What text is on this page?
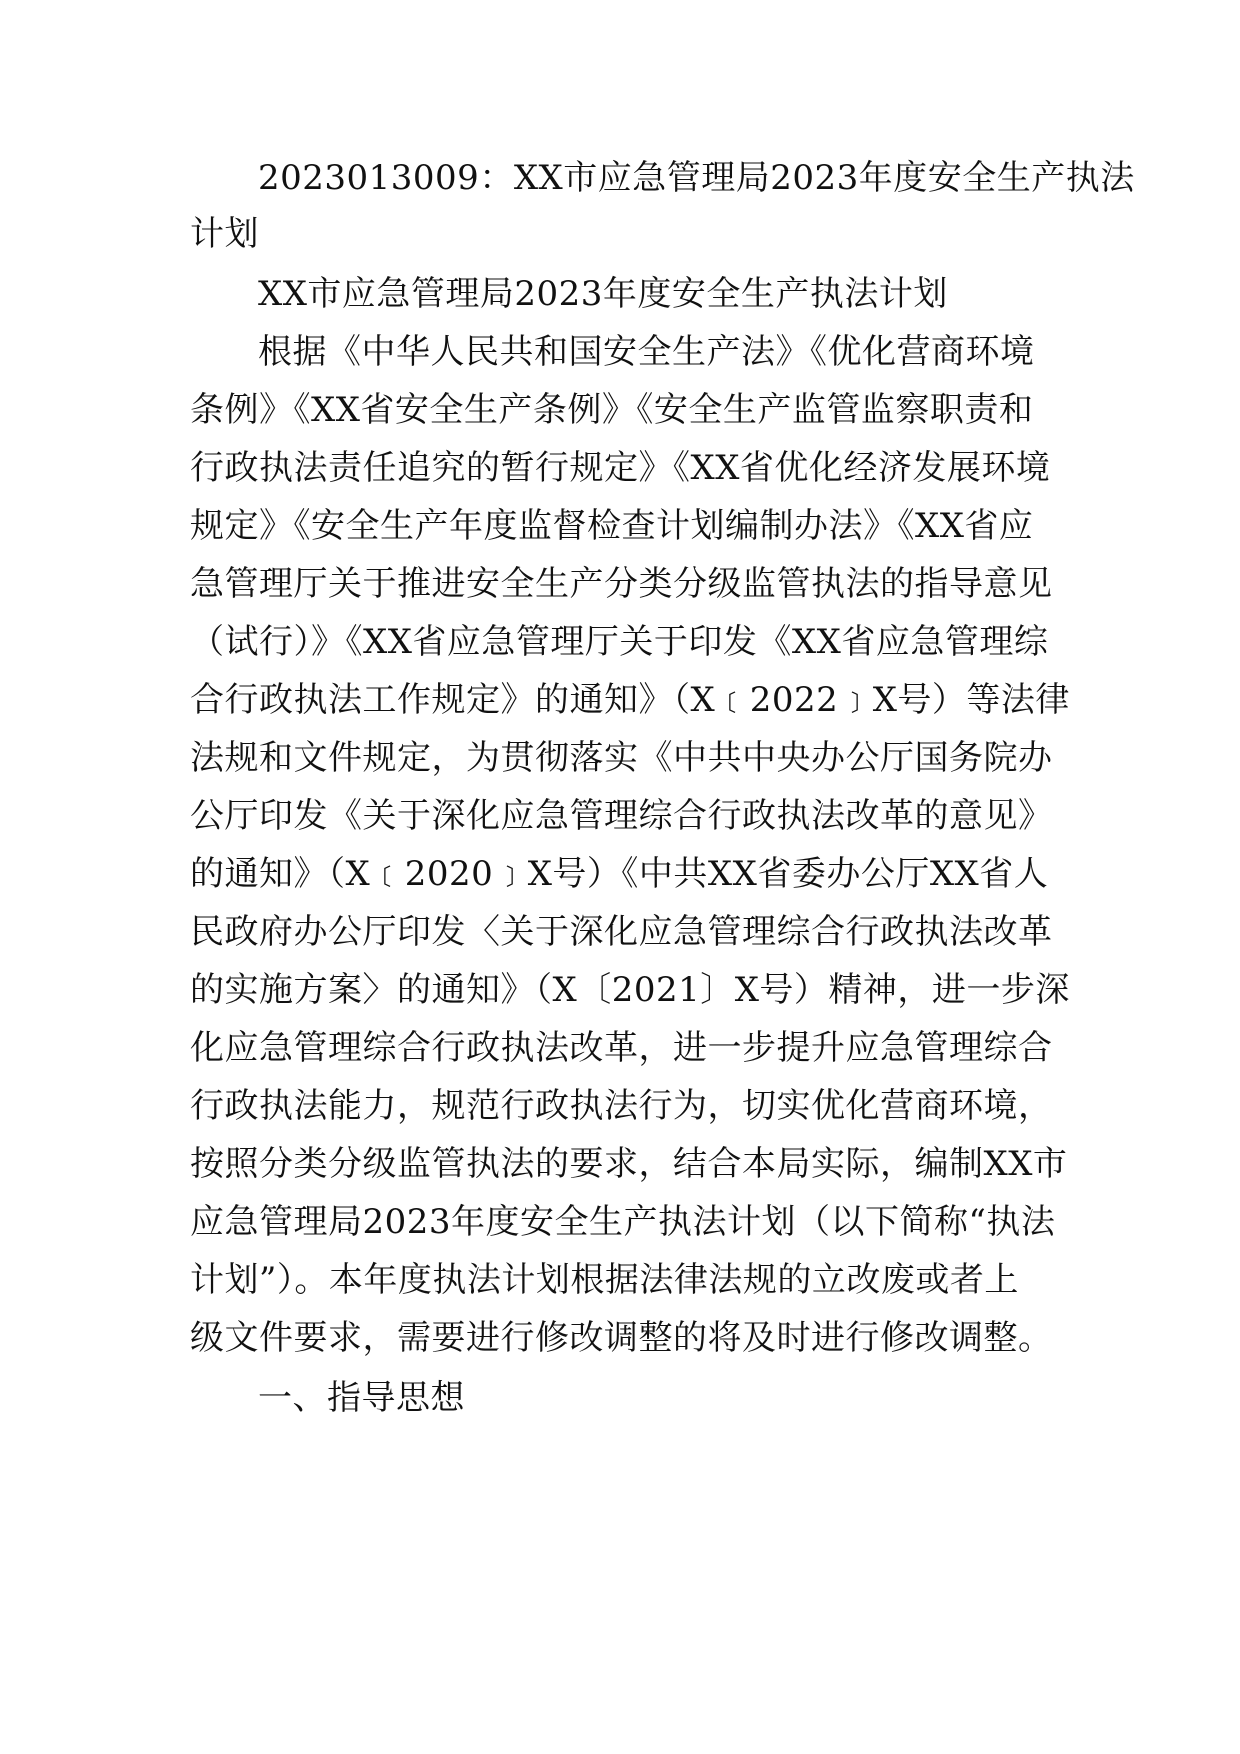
2023013009：XX市应急管理局2023年度安全生产执法
计划
XX市应急管理局2023年度安全生产执法计划
根据《中华人民共和国安全生产法》《优化营商环境
条例》《XX省安全生产条例》《安全生产监管监察职责和
行政执法责任追究的暂行规定》《XX省优化经济发展环境
规定》《安全生产年度监督检查计划编制办法》《XX省应
急管理厅关于推进安全生产分类分级监管执法的指导意见
（试行）》《XX省应急管理厅关于印发《XX省应急管理综
合行政执法工作规定》的通知》（X﹝2022﹞X号）等法律
法规和文件规定，为贯彻落实《中共中央办公厅国务院办
公厅印发《关于深化应急管理综合行政执法改革的意见》
的通知》（X﹝2020﹞X号）《中共XX省委办公厅XX省人
民政府办公厅印发〈关于深化应急管理综合行政执法改革
的实施方案〉的通知》（X〔2021〕X号）精神，进一步深
化应急管理综合行政执法改革，进一步提升应急管理综合
行政执法能力，规范行政执法行为，切实优化营商环境，
按照分类分级监管执法的要求，结合本局实际，编制XX市
应急管理局2023年度安全生产执法计划（以下简称“执法
计划”）。本年度执法计划根据法律法规的立改废或者上
级文件要求，需要进行修改调整的将及时进行修改调整。
一、指导思想
